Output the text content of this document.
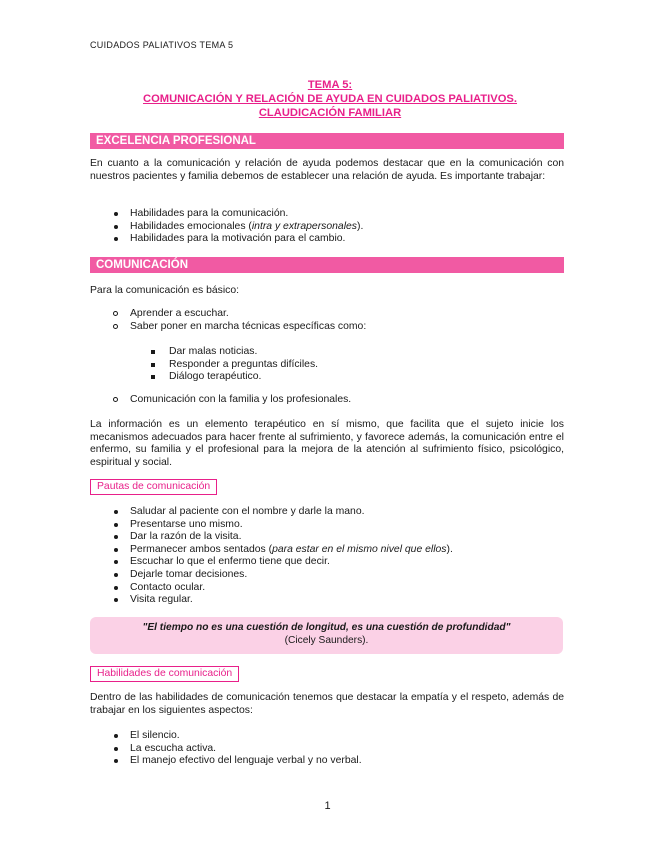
CUIDADOS PALIATIVOS TEMA 5
TEMA 5:
COMUNICACIÓN Y RELACIÓN DE AYUDA EN CUIDADOS PALIATIVOS.
CLAUDICACIÓN FAMILIAR
EXCELENCIA PROFESIONAL
En cuanto a la comunicación y relación de ayuda podemos destacar que en la comunicación con nuestros pacientes y familia debemos de establecer una relación de ayuda. Es importante trabajar:
Habilidades para la comunicación.
Habilidades emocionales (intra y extrapersonales).
Habilidades para la motivación para el cambio.
COMUNICACIÓN
Para la comunicación es básico:
Aprender a escuchar.
Saber poner en marcha técnicas específicas como:
Dar malas noticias.
Responder a preguntas difíciles.
Diálogo terapéutico.
Comunicación con la familia y los profesionales.
La información es un elemento terapéutico en sí mismo, que facilita que el sujeto inicie los mecanismos adecuados para hacer frente al sufrimiento, y favorece además, la comunicación entre el enfermo, su familia y el profesional para la mejora de la atención al sufrimiento físico, psicológico, espiritual y social.
Pautas de comunicación
Saludar al paciente con el nombre y darle la mano.
Presentarse uno mismo.
Dar la razón de la visita.
Permanecer ambos sentados (para estar en el mismo nivel que ellos).
Escuchar lo que el enfermo tiene que decir.
Dejarle tomar decisiones.
Contacto ocular.
Visita regular.
"El tiempo no es una cuestión de longitud, es una cuestión de profundidad"
(Cicely Saunders).
Habilidades de comunicación
Dentro de las habilidades de comunicación tenemos que destacar la empatía y el respeto, además de trabajar en los siguientes aspectos:
El silencio.
La escucha activa.
El manejo efectivo del lenguaje verbal y no verbal.
1
